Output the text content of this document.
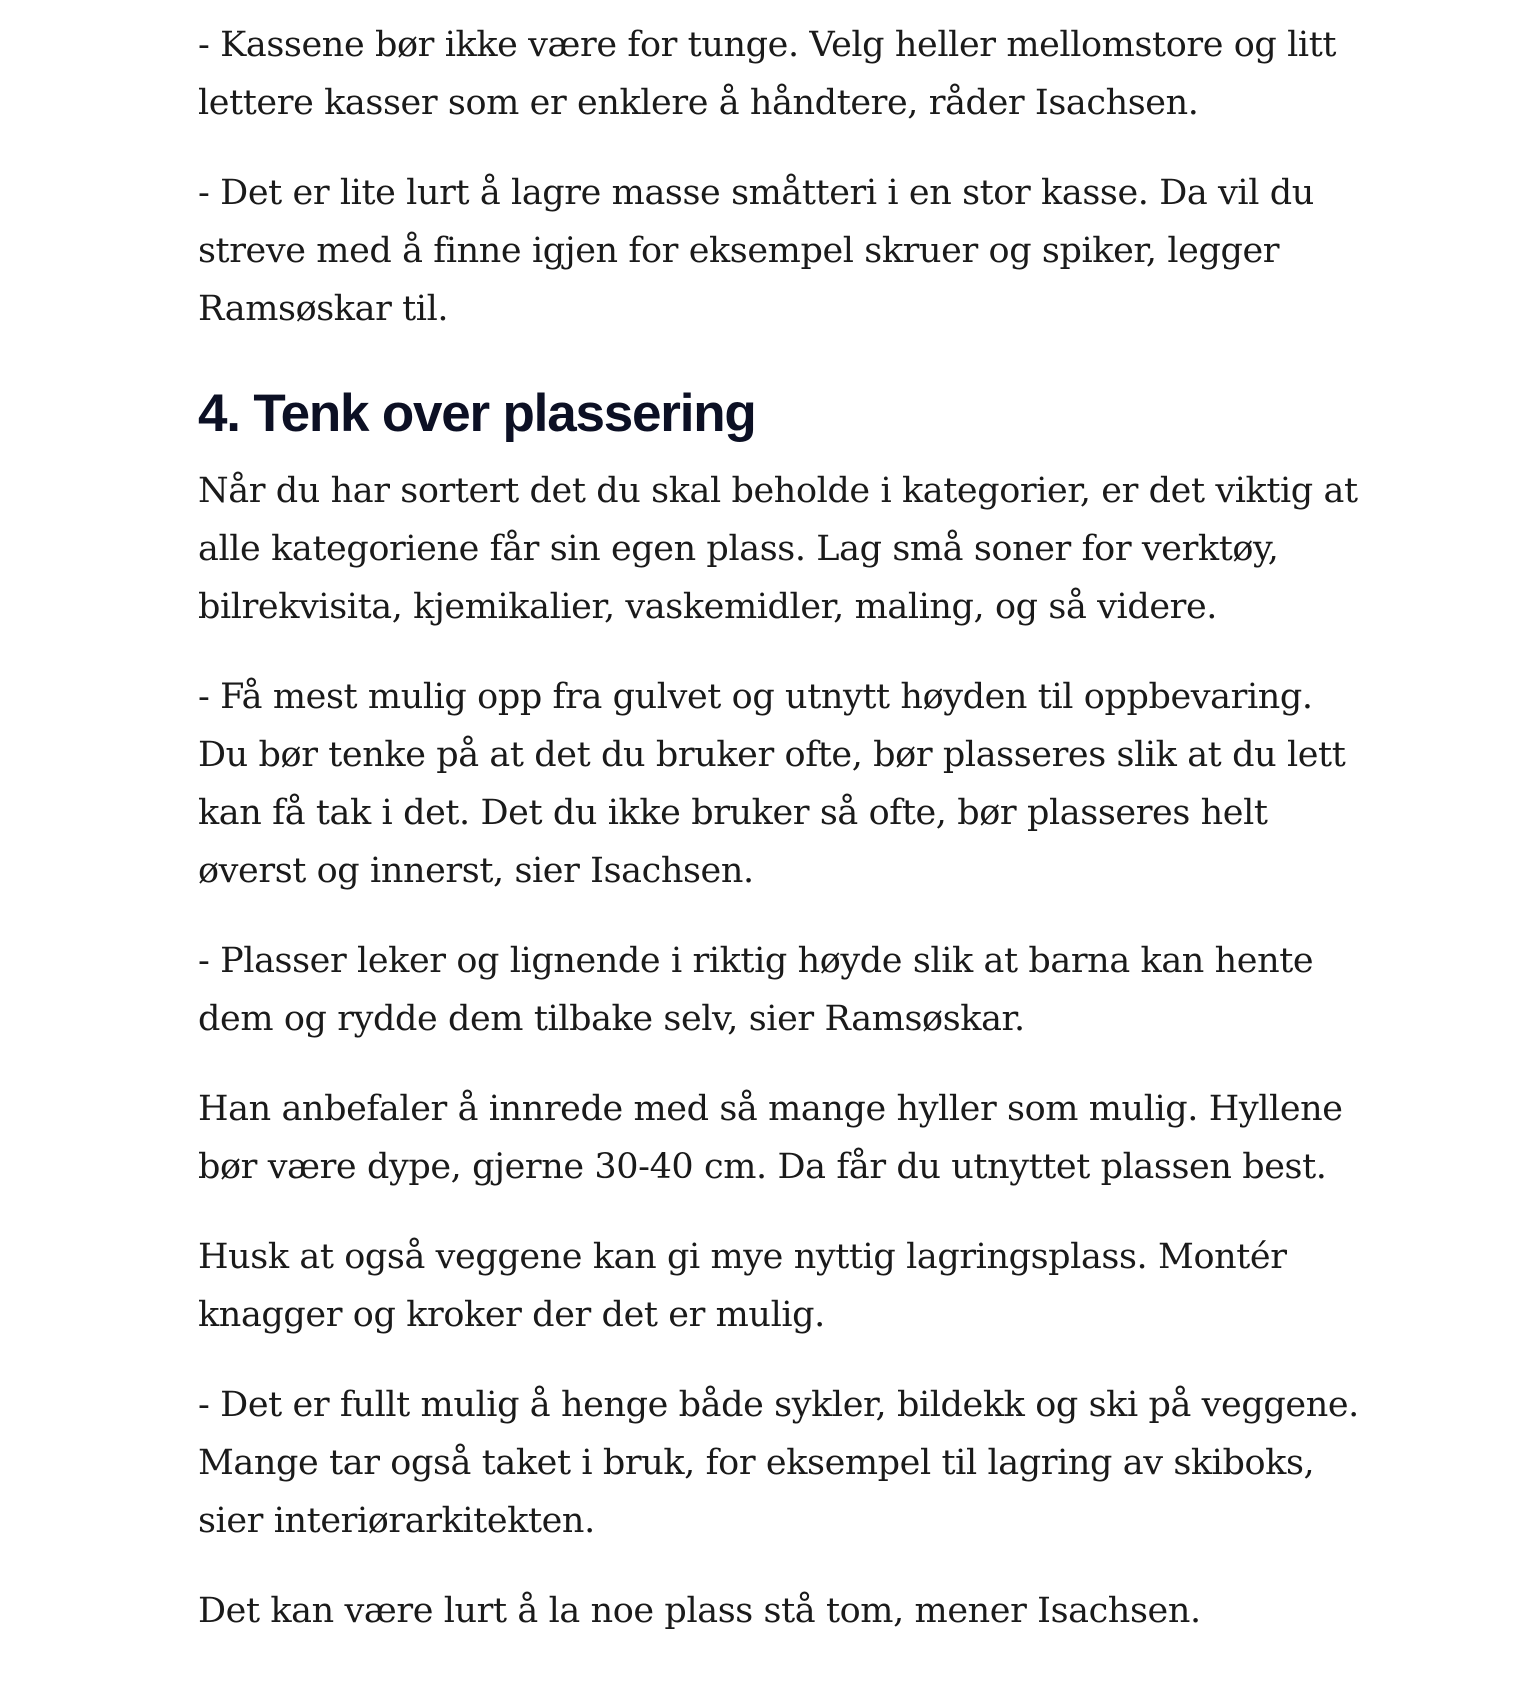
- Kassene bør ikke være for tunge. Velg heller mellomstore og litt lettere kasser som er enklere å håndtere, råder Isachsen.

- Det er lite lurt å lagre masse småtteri i en stor kasse. Da vil du streve med å finne igjen for eksempel skruer og spiker, legger Ramsøskar til.

4. Tenk over plassering

Når du har sortert det du skal beholde i kategorier, er det viktig at alle kategoriene får sin egen plass. Lag små soner for verktøy, bilrekvisita, kjemikalier, vaskemidler, maling, og så videre.

- Få mest mulig opp fra gulvet og utnytt høyden til oppbevaring. Du bør tenke på at det du bruker ofte, bør plasseres slik at du lett kan få tak i det. Det du ikke bruker så ofte, bør plasseres helt øverst og innerst, sier Isachsen.

- Plasser leker og lignende i riktig høyde slik at barna kan hente dem og rydde dem tilbake selv, sier Ramsøskar.

Han anbefaler å innrede med så mange hyller som mulig. Hyllene bør være dype, gjerne 30-40 cm. Da får du utnyttet plassen best.

Husk at også veggene kan gi mye nyttig lagringsplass. Montér knagger og kroker der det er mulig.

- Det er fullt mulig å henge både sykler, bildekk og ski på veggene. Mange tar også taket i bruk, for eksempel til lagring av skiboks, sier interiørarkitekten.

Det kan være lurt å la noe plass stå tom, mener Isachsen.
